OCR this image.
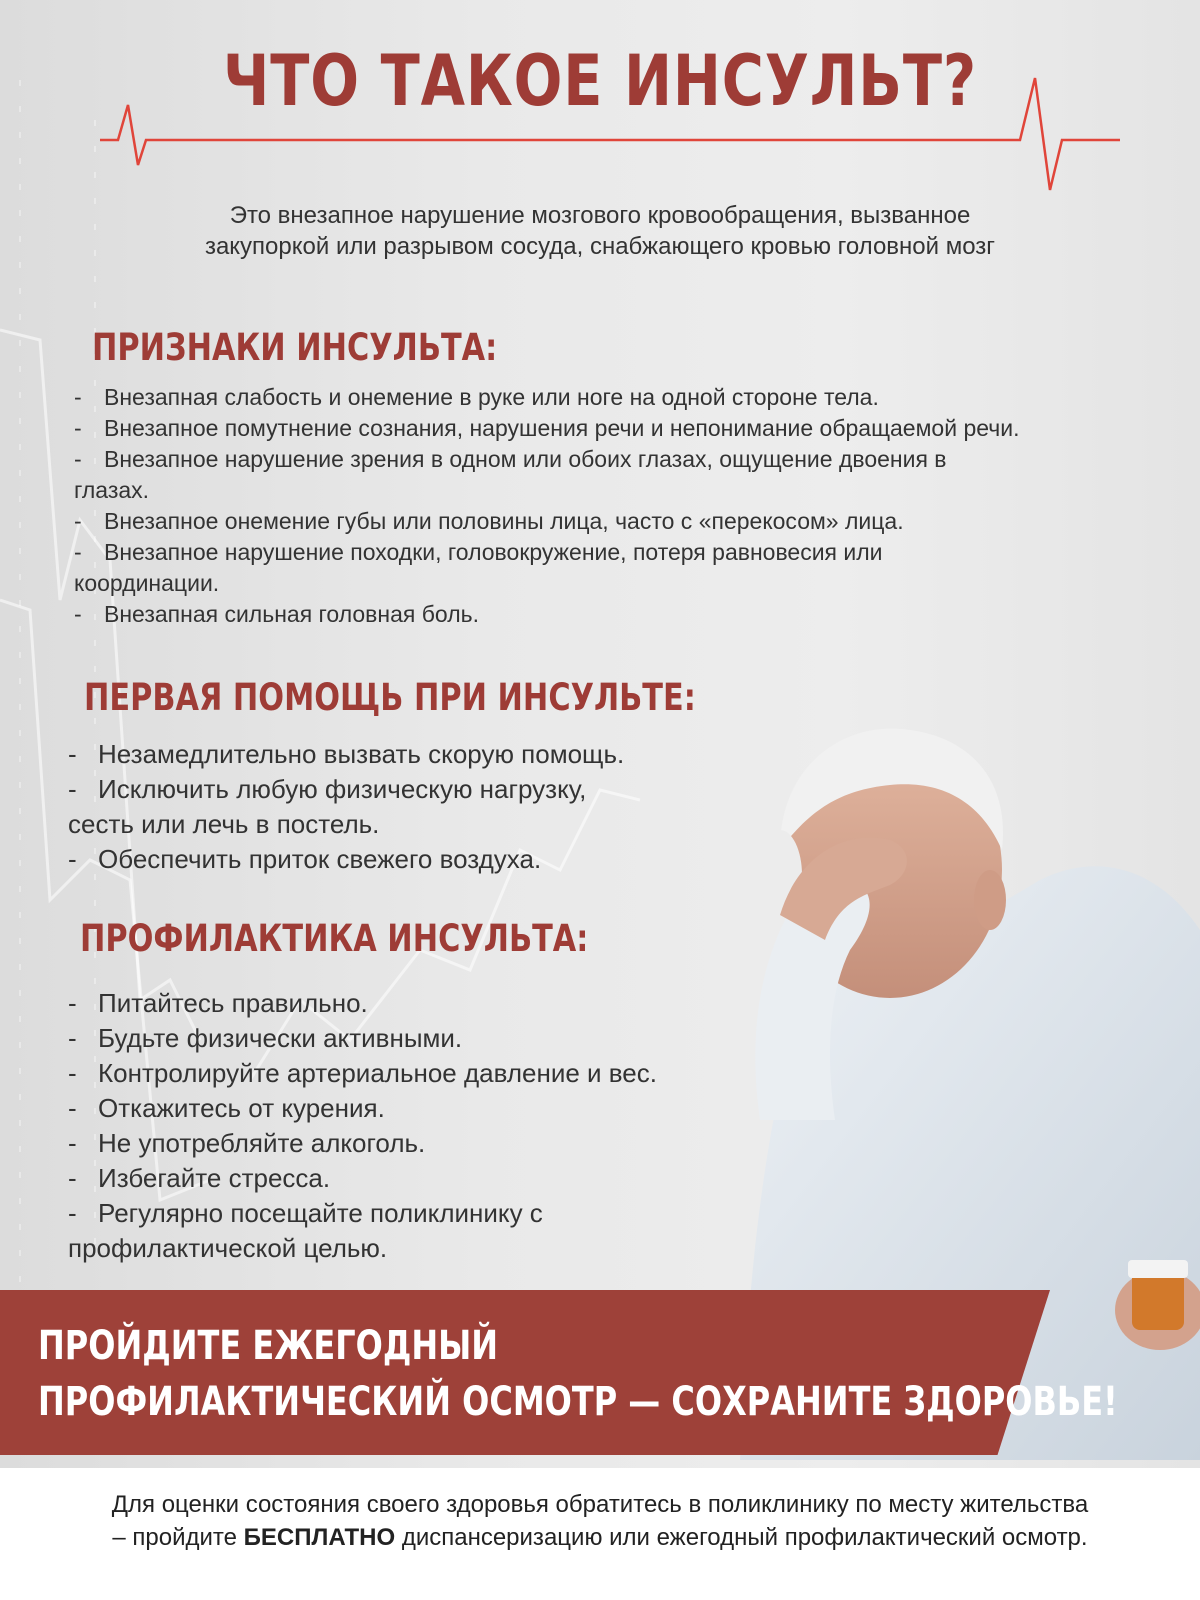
ЧТО ТАКОЕ ИНСУЛЬТ?
Это внезапное нарушение мозгового кровообращения, вызванное
закупоркой или разрывом сосуда, снабжающего кровью головной мозг
ПРИЗНАКИ ИНСУЛЬТА:
- Внезапная слабость и онемение в руке или ноге на одной стороне тела.
- Внезапное помутнение сознания, нарушения речи и непонимание обращаемой речи.
- Внезапное нарушение зрения в одном или обоих глазах, ощущение двоения в
глазах.
- Внезапное онемение губы или половины лица, часто с «перекосом» лица.
- Внезапное нарушение походки, головокружение, потеря равновесия или
координации.
- Внезапная сильная головная боль.
ПЕРВАЯ ПОМОЩЬ ПРИ ИНСУЛЬТЕ:
- Незамедлительно вызвать скорую помощь.
- Исключить любую физическую нагрузку,
сесть или лечь в постель.
- Обеспечить приток свежего воздуха.
ПРОФИЛАКТИКА ИНСУЛЬТА:
- Питайтесь правильно.
- Будьте физически активными.
- Контролируйте артериальное давление и вес.
- Откажитесь от курения.
- Не употребляйте алкоголь.
- Избегайте стресса.
- Регулярно посещайте поликлинику с
профилактической целью.
ПРОЙДИТЕ ЕЖЕГОДНЫЙ
ПРОФИЛАКТИЧЕСКИЙ ОСМОТР — СОХРАНИТЕ ЗДОРОВЬЕ!
Для оценки состояния своего здоровья обратитесь в поликлинику по месту жительства
– пройдите БЕСПЛАТНО диспансеризацию или ежегодный профилактический осмотр.
